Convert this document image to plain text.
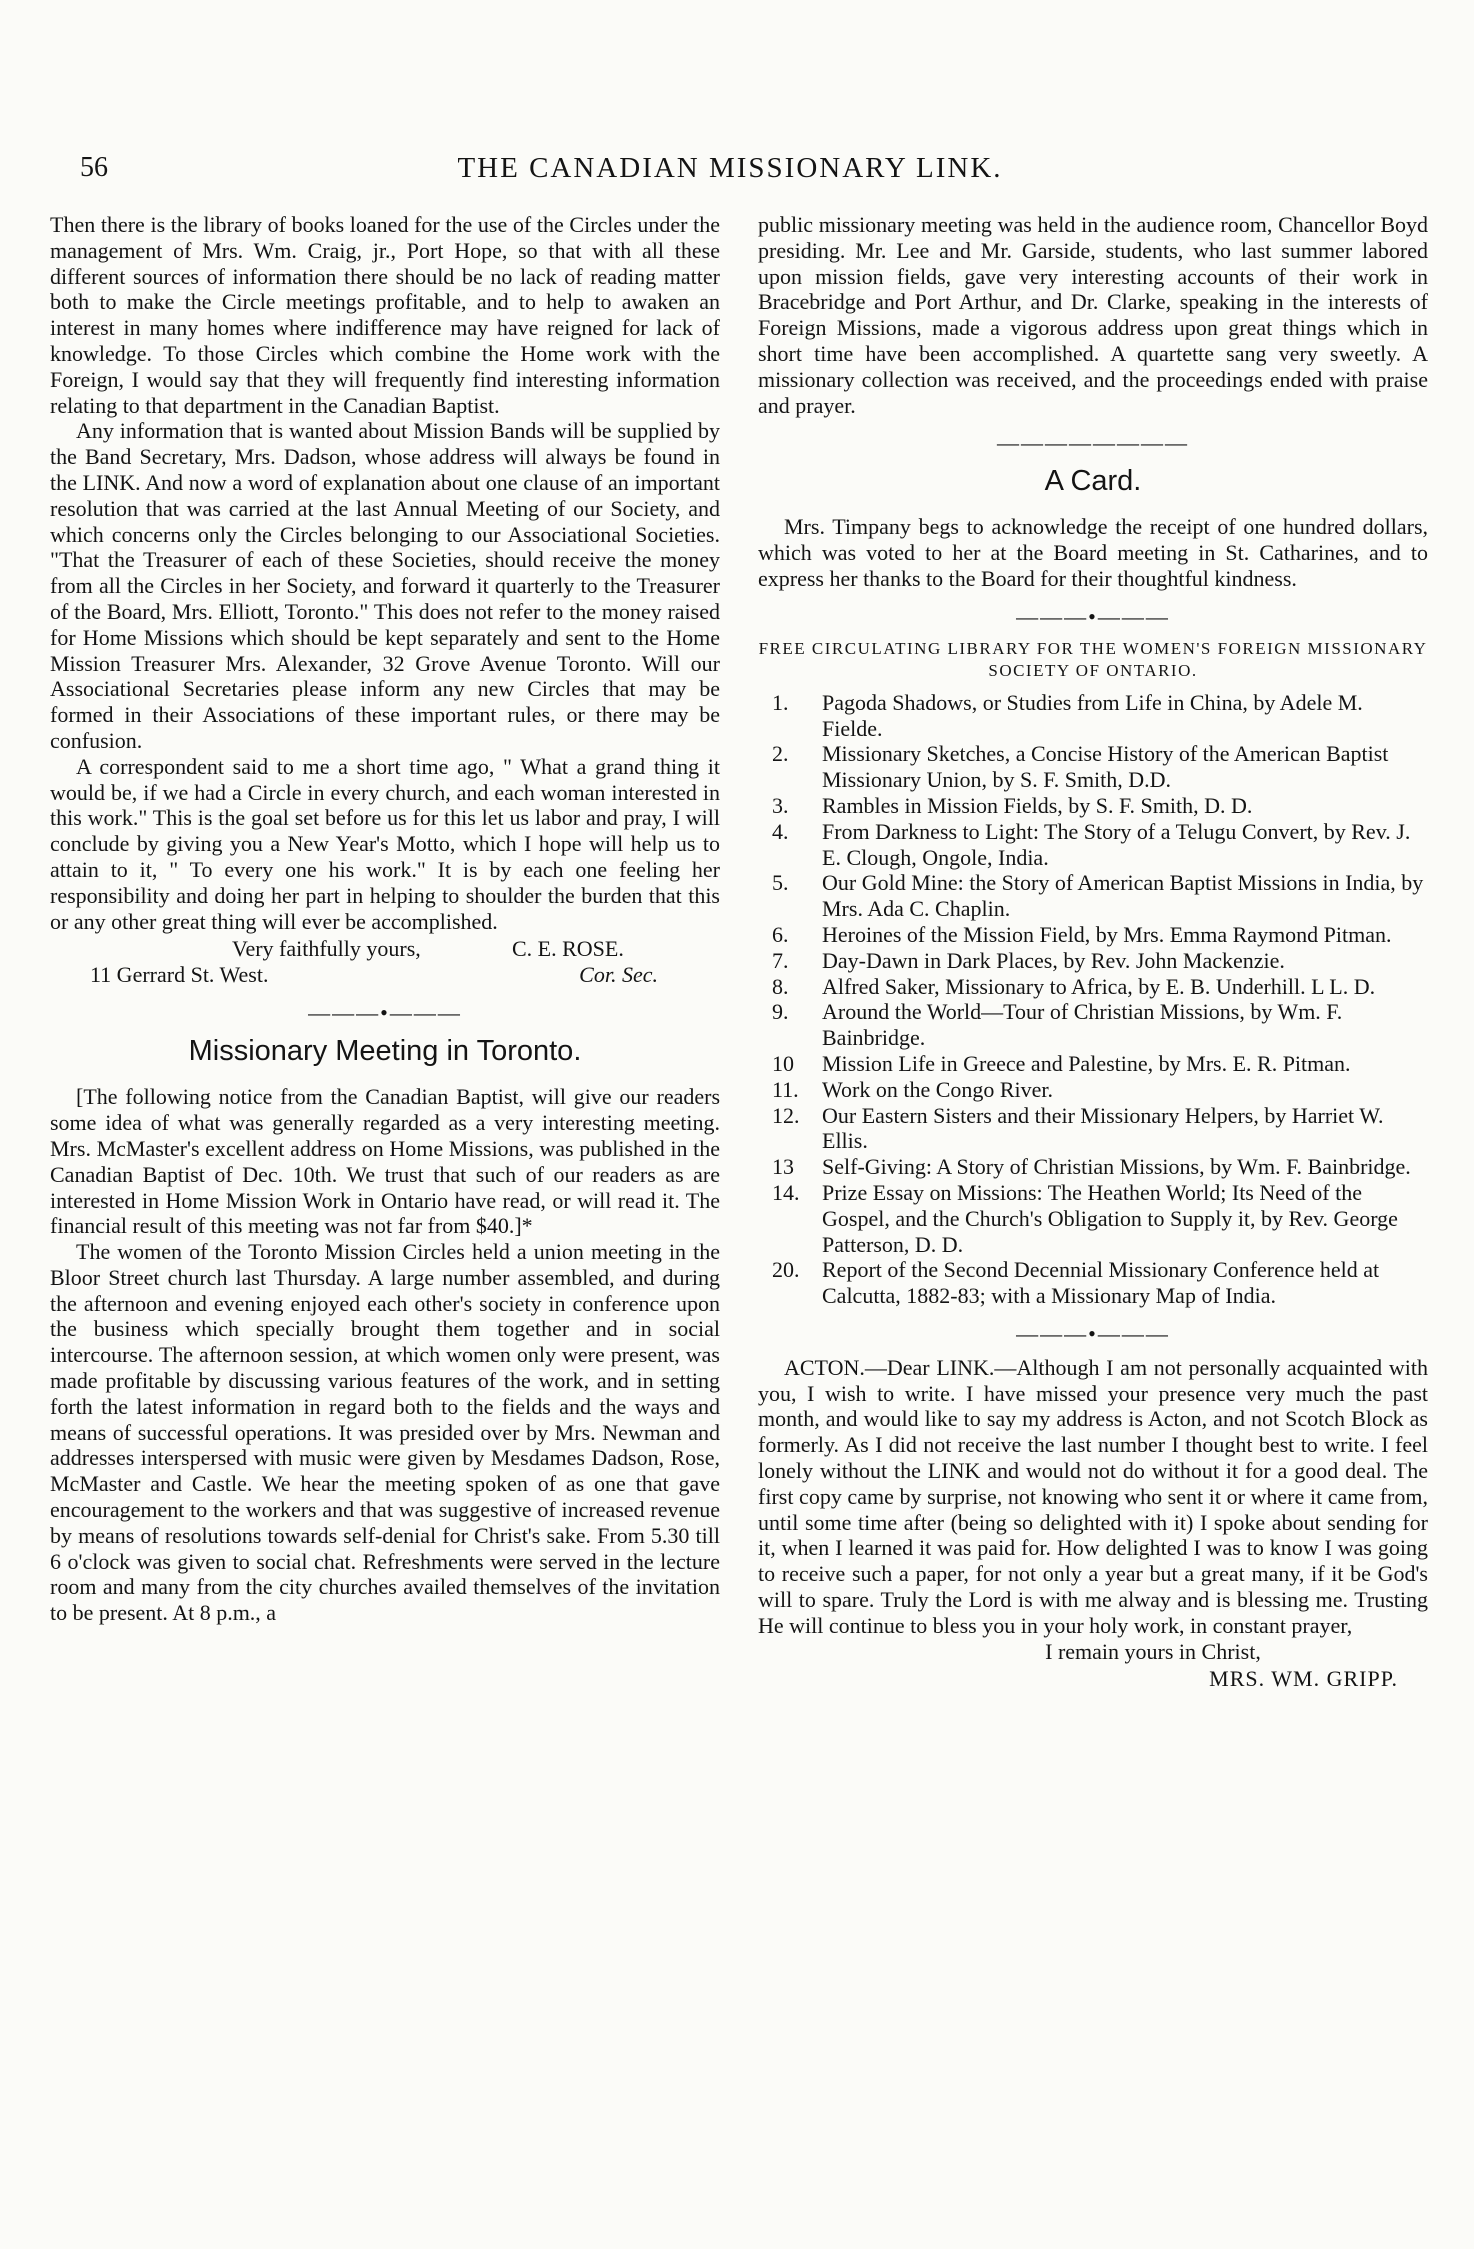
56	THE CANADIAN MISSIONARY LINK.

Then there is the library of books loaned for the use of the Circles under the management of Mrs. Wm. Craig, jr., Port Hope, so that with all these different sources of information there should be no lack of reading matter both to make the Circle meetings profitable, and to help to awaken an interest in many homes where indifference may have reigned for lack of knowledge. To those Circles which combine the Home work with the Foreign, I would say that they will frequently find interesting information relating to that department in the Canadian Baptist.

Any information that is wanted about Mission Bands will be supplied by the Band Secretary, Mrs. Dadson, whose address will always be found in the LINK. And now a word of explanation about one clause of an important resolution that was carried at the last Annual Meeting of our Society, and which concerns only the Circles belonging to our Associational Societies. "That the Treasurer of each of these Societies, should receive the money from all the Circles in her Society, and forward it quarterly to the Treasurer of the Board, Mrs. Elliott, Toronto." This does not refer to the money raised for Home Missions which should be kept separately and sent to the Home Mission Treasurer Mrs. Alexander, 32 Grove Avenue Toronto. Will our Associational Secretaries please inform any new Circles that may be formed in their Associations of these important rules, or there may be confusion.

A correspondent said to me a short time ago, " What a grand thing it would be, if we had a Circle in every church, and each woman interested in this work." This is the goal set before us for this let us labor and pray, I will conclude by giving you a New Year's Motto, which I hope will help us to attain to it, " To every one his work." It is by each one feeling her responsibility and doing her part in helping to shoulder the burden that this or any other great thing will ever be accomplished.

Very faithfully yours,	C. E. ROSE.
11 Gerrard St. West.	Cor. Sec.
———•———
Missionary Meeting in Toronto.

[The following notice from the Canadian Baptist, will give our readers some idea of what was generally regarded as a very interesting meeting. Mrs. McMaster's excellent address on Home Missions, was published in the Canadian Baptist of Dec. 10th. We trust that such of our readers as are interested in Home Mission Work in Ontario have read, or will read it. The financial result of this meeting was not far from $40.]*

The women of the Toronto Mission Circles held a union meeting in the Bloor Street church last Thursday. A large number assembled, and during the afternoon and evening enjoyed each other's society in conference upon the business which specially brought them together and in social intercourse. The afternoon session, at which women only were present, was made profitable by discussing various features of the work, and in setting forth the latest information in regard both to the fields and the ways and means of successful operations. It was presided over by Mrs. Newman and addresses interspersed with music were given by Mesdames Dadson, Rose, McMaster and Castle. We hear the meeting spoken of as one that gave encouragement to the workers and that was suggestive of increased revenue by means of resolutions towards self-denial for Christ's sake. From 5.30 till 6 o'clock was given to social chat. Refreshments were served in the lecture room and many from the city churches availed themselves of the invitation to be present. At 8 p.m., a

public missionary meeting was held in the audience room, Chancellor Boyd presiding. Mr. Lee and Mr. Garside, students, who last summer labored upon mission fields, gave very interesting accounts of their work in Bracebridge and Port Arthur, and Dr. Clarke, speaking in the interests of Foreign Missions, made a vigorous address upon great things which in short time have been accomplished. A quartette sang very sweetly. A missionary collection was received, and the proceedings ended with praise and prayer.

————————
A Card.

Mrs. Timpany begs to acknowledge the receipt of one hundred dollars, which was voted to her at the Board meeting in St. Catharines, and to express her thanks to the Board for their thoughtful kindness.

———•———
FREE CIRCULATING LIBRARY FOR THE WOMEN'S FOREIGN MISSIONARY SOCIETY OF ONTARIO.
1.	Pagoda Shadows, or Studies from Life in China, by Adele M. Fielde.
2.	Missionary Sketches, a Concise History of the American Baptist Missionary Union, by S. F. Smith, D.D.
3.	Rambles in Mission Fields, by S. F. Smith, D. D.
4.	From Darkness to Light: The Story of a Telugu Convert, by Rev. J. E. Clough, Ongole, India.
5.	Our Gold Mine: the Story of American Baptist Missions in India, by Mrs. Ada C. Chaplin.
6.	Heroines of the Mission Field, by Mrs. Emma Raymond Pitman.
7.	Day-Dawn in Dark Places, by Rev. John Mackenzie.
8.	Alfred Saker, Missionary to Africa, by E. B. Underhill. L L. D.
9.	Around the World—Tour of Christian Missions, by Wm. F. Bainbridge.
10	Mission Life in Greece and Palestine, by Mrs. E. R. Pitman.
11.	Work on the Congo River.
12.	Our Eastern Sisters and their Missionary Helpers, by Harriet W. Ellis.
13	Self-Giving: A Story of Christian Missions, by Wm. F. Bainbridge.
14.	Prize Essay on Missions: The Heathen World; Its Need of the Gospel, and the Church's Obligation to Supply it, by Rev. George Patterson, D. D.
20.	Report of the Second Decennial Missionary Conference held at Calcutta, 1882-83; with a Missionary Map of India.
———•———

ACTON.—Dear LINK.—Although I am not personally acquainted with you, I wish to write. I have missed your presence very much the past month, and would like to say my address is Acton, and not Scotch Block as formerly. As I did not receive the last number I thought best to write. I feel lonely without the LINK and would not do without it for a good deal. The first copy came by surprise, not knowing who sent it or where it came from, until some time after (being so delighted with it) I spoke about sending for it, when I learned it was paid for. How delighted I was to know I was going to receive such a paper, for not only a year but a great many, if it be God's will to spare. Truly the Lord is with me alway and is blessing me. Trusting He will continue to bless you in your holy work, in constant prayer,

I remain yours in Christ,
MRS. WM. GRIPP.
